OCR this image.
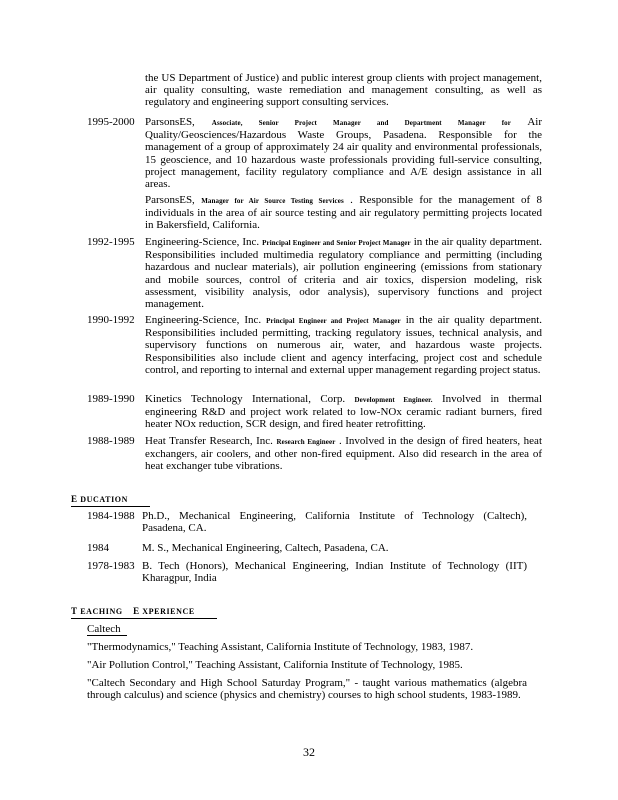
the US Department of Justice) and public interest group clients with project management, air quality consulting, waste remediation and management consulting, as well as regulatory and engineering support consulting services.
1995-2000 ParsonsES, Associate, Senior Project Manager and Department Manager for Air Quality/Geosciences/Hazardous Waste Groups, Pasadena. Responsible for the management of a group of approximately 24 air quality and environmental professionals, 15 geoscience, and 10 hazardous waste professionals providing full-service consulting, project management, facility regulatory compliance and A/E design assistance in all areas.
ParsonsES, Manager for Air Source Testing Services . Responsible for the management of 8 individuals in the area of air source testing and air regulatory permitting projects located in Bakersfield, California.
1992-1995 Engineering-Science, Inc. Principal Engineer and Senior Project Manager in the air quality department. Responsibilities included multimedia regulatory compliance and permitting (including hazardous and nuclear materials), air pollution engineering (emissions from stationary and mobile sources, control of criteria and air toxics, dispersion modeling, risk assessment, visibility analysis, odor analysis), supervisory functions and project management.
1990-1992 Engineering-Science, Inc. Principal Engineer and Project Manager in the air quality department. Responsibilities included permitting, tracking regulatory issues, technical analysis, and supervisory functions on numerous air, water, and hazardous waste projects. Responsibilities also include client and agency interfacing, project cost and schedule control, and reporting to internal and external upper management regarding project status.
1989-1990 Kinetics Technology International, Corp. Development Engineer. Involved in thermal engineering R&D and project work related to low-NOx ceramic radiant burners, fired heater NOx reduction, SCR design, and fired heater retrofitting.
1988-1989 Heat Transfer Research, Inc. Research Engineer . Involved in the design of fired heaters, heat exchangers, air coolers, and other non-fired equipment. Also did research in the area of heat exchanger tube vibrations.
E DUCATION
1984-1988 Ph.D., Mechanical Engineering, California Institute of Technology (Caltech), Pasadena, CA.
1984	M. S., Mechanical Engineering, Caltech, Pasadena, CA.
1978-1983 B. Tech (Honors), Mechanical Engineering, Indian Institute of Technology (IIT) Kharagpur, India
T EACHING E XPERIENCE
Caltech
"Thermodynamics," Teaching Assistant, California Institute of Technology, 1983, 1987.
"Air Pollution Control," Teaching Assistant, California Institute of Technology, 1985.
"Caltech Secondary and High School Saturday Program," - taught various mathematics (algebra through calculus) and science (physics and chemistry) courses to high school students, 1983-1989.
32
